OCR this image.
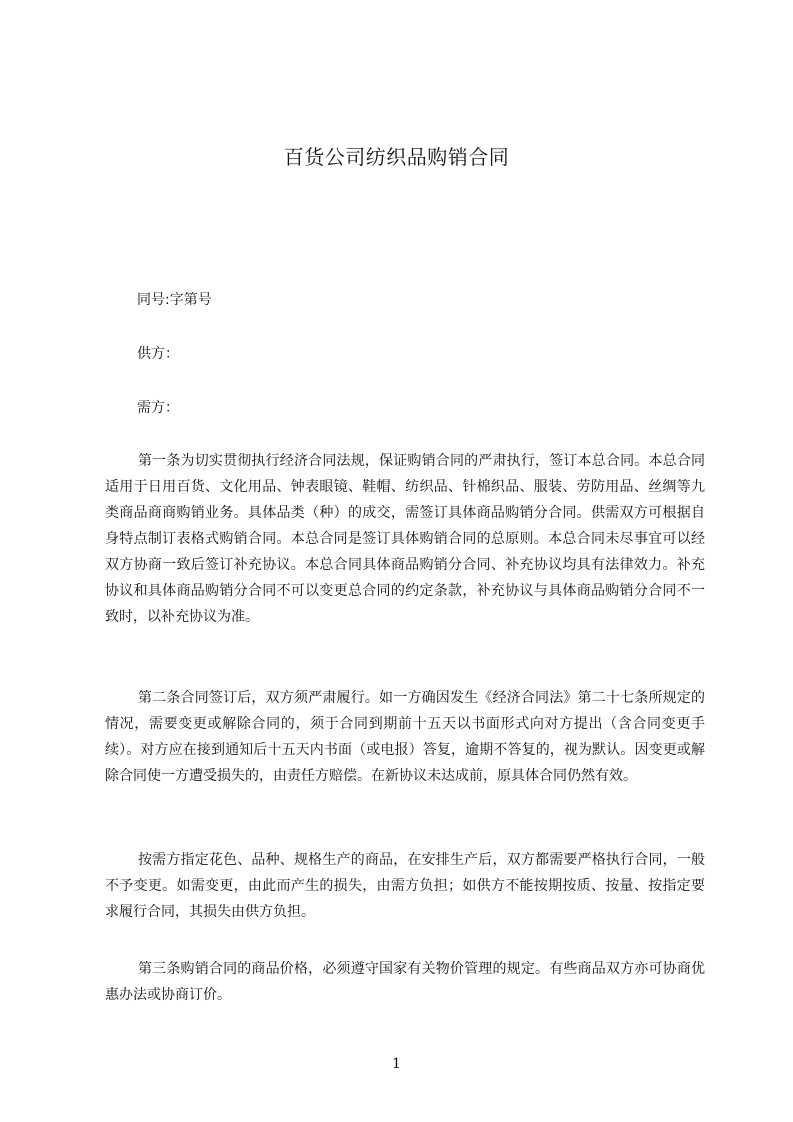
百货公司纺织品购销合同
同号:字第号
供方：
需方：
第一条为切实贯彻执行经济合同法规，保证购销合同的严肃执行，签订本总合同。本总合同适用于日用百货、文化用品、钟表眼镜、鞋帽、纺织品、针棉织品、服装、劳防用品、丝绸等九类商品商商购销业务。具体品类（种）的成交，需签订具体商品购销分合同。供需双方可根据自身特点制订表格式购销合同。本总合同是签订具体购销合同的总原则。本总合同未尽事宜可以经双方协商一致后签订补充协议。本总合同具体商品购销分合同、补充协议均具有法律效力。补充协议和具体商品购销分合同不可以变更总合同的约定条款，补充协议与具体商品购销分合同不一致时，以补充协议为准。
第二条合同签订后，双方须严肃履行。如一方确因发生《经济合同法》第二十七条所规定的情况，需要变更或解除合同的，须于合同到期前十五天以书面形式向对方提出（含合同变更手续）。对方应在接到通知后十五天内书面（或电报）答复，逾期不答复的，视为默认。因变更或解除合同使一方遭受损失的，由责任方赔偿。在新协议未达成前，原具体合同仍然有效。
按需方指定花色、品种、规格生产的商品，在安排生产后，双方都需要严格执行合同，一般不予变更。如需变更，由此而产生的损失，由需方负担；如供方不能按期按质、按量、按指定要求履行合同，其损失由供方负担。
第三条购销合同的商品价格，必须遵守国家有关物价管理的规定。有些商品双方亦可协商优惠办法或协商订价。
1
